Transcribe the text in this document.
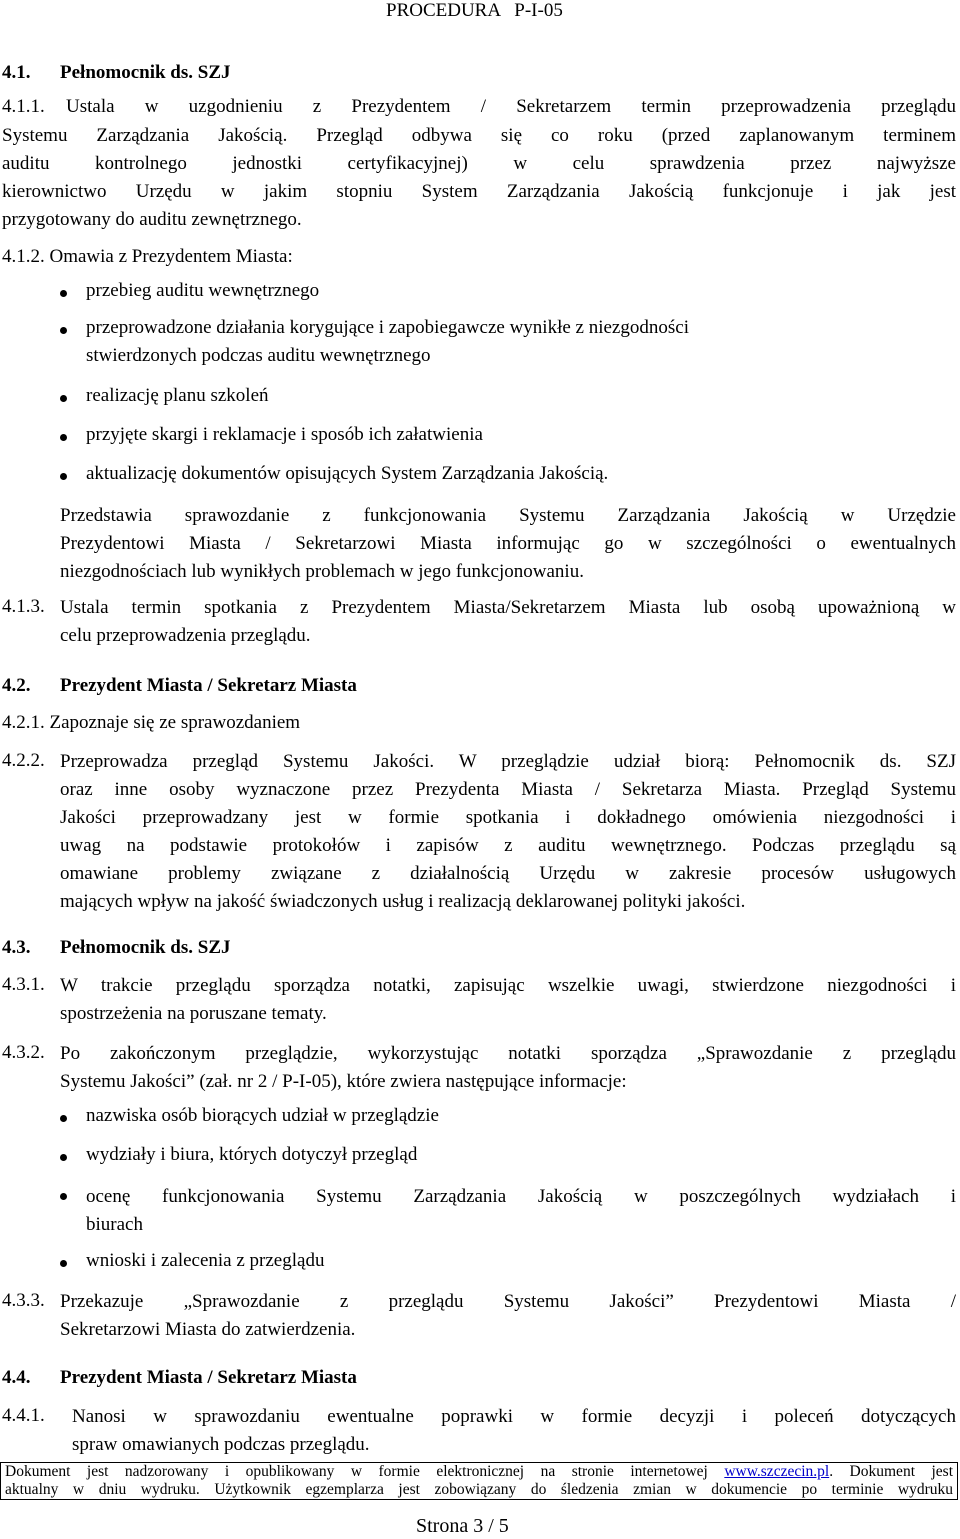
PROCEDURA   P-I-05
4.1. Pełnomocnik ds. SZJ
4.1.1. Ustala w uzgodnieniu z Prezydentem / Sekretarzem termin przeprowadzenia przeglądu
Systemu Zarządzania Jakością. Przegląd odbywa się co roku (przed zaplanowanym terminem
auditu kontrolnego jednostki certyfikacyjnej) w celu sprawdzenia przez najwyższe
kierownictwo Urzędu w jakim stopniu System Zarządzania Jakością funkcjonuje i jak jest
przygotowany do auditu zewnętrznego.
4.1.2. Omawia z Prezydentem Miasta:
przebieg auditu wewnętrznego
przeprowadzone działania korygujące i zapobiegawcze wynikłe z niezgodności
stwierdzonych podczas auditu wewnętrznego
realizację planu szkoleń
przyjęte skargi i reklamacje i sposób ich załatwienia
aktualizację dokumentów opisujących System Zarządzania Jakością.
Przedstawia sprawozdanie z funkcjonowania Systemu Zarządzania Jakością w Urzędzie
Prezydentowi Miasta / Sekretarzowi Miasta informując go w szczególności o ewentualnych
niezgodnościach lub wynikłych problemach w jego funkcjonowaniu.
4.1.3. Ustala termin spotkania z Prezydentem Miasta/Sekretarzem Miasta lub osobą upoważnioną w
celu przeprowadzenia przeglądu.
4.2. Prezydent Miasta / Sekretarz Miasta
4.2.1. Zapoznaje się ze sprawozdaniem
4.2.2. Przeprowadza przegląd Systemu Jakości. W przeglądzie udział biorą: Pełnomocnik ds. SZJ
oraz inne osoby wyznaczone przez Prezydenta Miasta / Sekretarza Miasta. Przegląd Systemu
Jakości przeprowadzany jest w formie spotkania i dokładnego omówienia niezgodności i
uwag na podstawie protokołów i zapisów z auditu wewnętrznego. Podczas przeglądu są
omawiane problemy związane z działalnością Urzędu w zakresie procesów usługowych
mających wpływ na jakość świadczonych usług i realizacją deklarowanej polityki jakości.
4.3. Pełnomocnik ds. SZJ
4.3.1. W trakcie przeglądu sporządza notatki, zapisując wszelkie uwagi, stwierdzone niezgodności i
spostrzeżenia na poruszane tematy.
4.3.2. Po zakończonym przeglądzie, wykorzystując notatki sporządza „Sprawozdanie z przeglądu
Systemu Jakości” (zał. nr 2 / P-I-05), które zwiera następujące informacje:
nazwiska osób biorących udział w przeglądzie
wydziały i biura, których dotyczył przegląd
ocenę funkcjonowania Systemu Zarządzania Jakością w poszczególnych wydziałach i
biurach
wnioski i zalecenia z przeglądu
4.3.3. Przekazuje „Sprawozdanie z przeglądu Systemu Jakości” Prezydentowi Miasta /
Sekretarzowi Miasta do zatwierdzenia.
4.4. Prezydent Miasta / Sekretarz Miasta
4.4.1. Nanosi w sprawozdaniu ewentualne poprawki w formie decyzji i poleceń dotyczących
spraw omawianych podczas przeglądu.
Dokument jest nadzorowany i opublikowany w formie elektronicznej na stronie internetowej www.szczecin.pl. Dokument jest
aktualny w dniu wydruku. Użytkownik egzemplarza jest zobowiązany do śledzenia zmian w dokumencie po terminie wydruku
Strona 3 / 5
